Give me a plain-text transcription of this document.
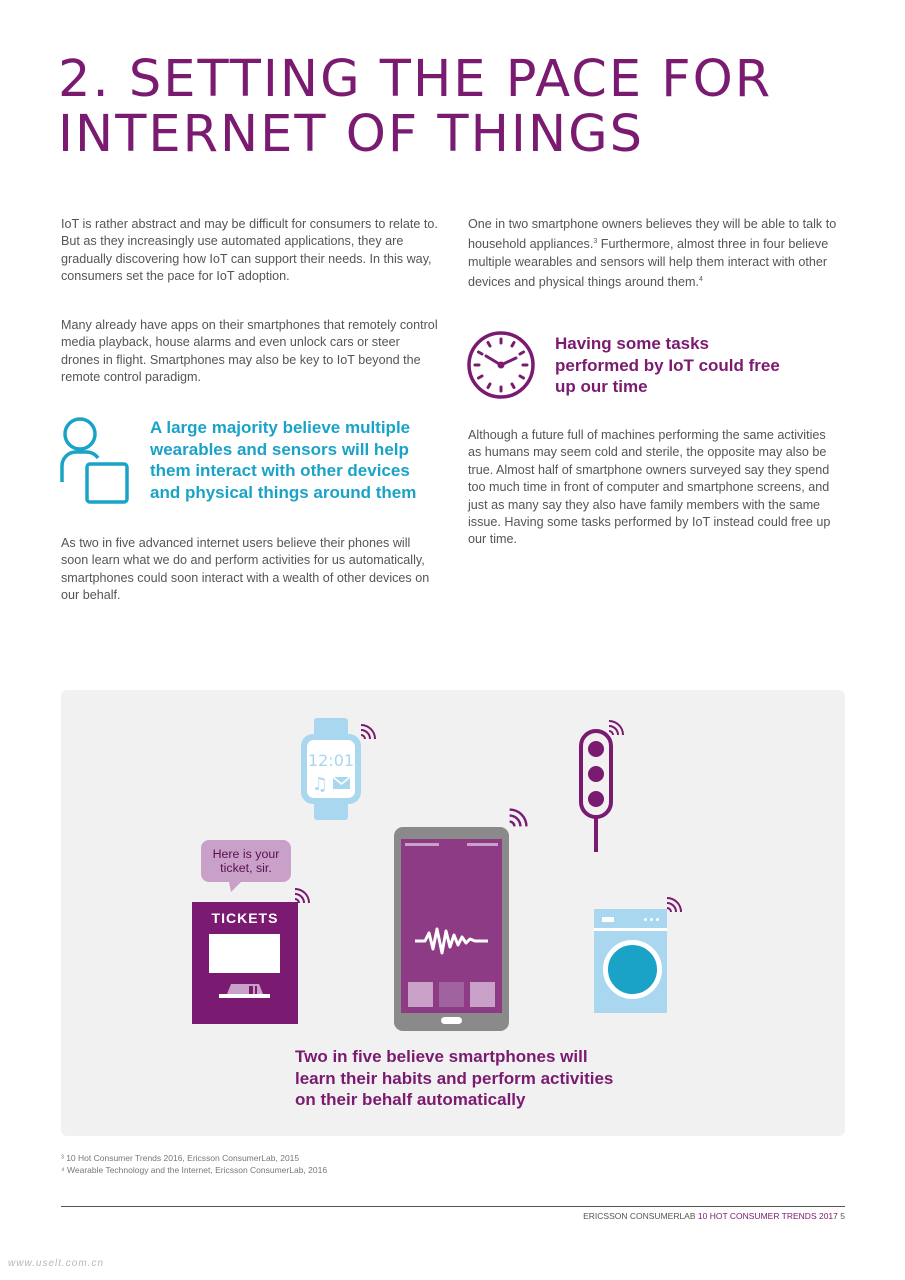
2. SETTING THE PACE FOR
INTERNET OF THINGS

IoT is rather abstract and may be difficult for consumers to relate to. But as they increasingly use automated applications, they are gradually discovering how IoT can support their needs. In this way, consumers set the pace for IoT adoption.

Many already have apps on their smartphones that remotely control media playback, house alarms and even unlock cars or steer drones in flight. Smartphones may also be key to IoT beyond the remote control paradigm.

A large majority believe multiple wearables and sensors will help them interact with other devices and physical things around them

As two in five advanced internet users believe their phones will soon learn what we do and perform activities for us automatically, smartphones could soon interact with a wealth of other devices on our behalf.

One in two smartphone owners believes they will be able to talk to household appliances.$^3$ Furthermore, almost three in four believe multiple wearables and sensors will help them interact with other devices and physical things around them.$^4$

Having some tasks performed by IoT could free up our time

Although a future full of machines performing the same activities as humans may seem cold and sterile, the opposite may also be true. Almost half of smartphone owners surveyed say they spend too much time in front of computer and smartphone screens, and just as many say they also have family members with the same issue. Having some tasks performed by IoT instead could free up our time.

12:01
♫
Here is your
ticket, sir.
TICKETS

Two in five believe smartphones will learn their habits and perform activities on their behalf automatically

³ 10 Hot Consumer Trends 2016, Ericsson ConsumerLab, 2015
⁴ Wearable Technology and the Internet, Ericsson ConsumerLab, 2016
ERICSSON CONSUMERLAB 10 HOT CONSUMER TRENDS 2017 5
www.uselt.com.cn
